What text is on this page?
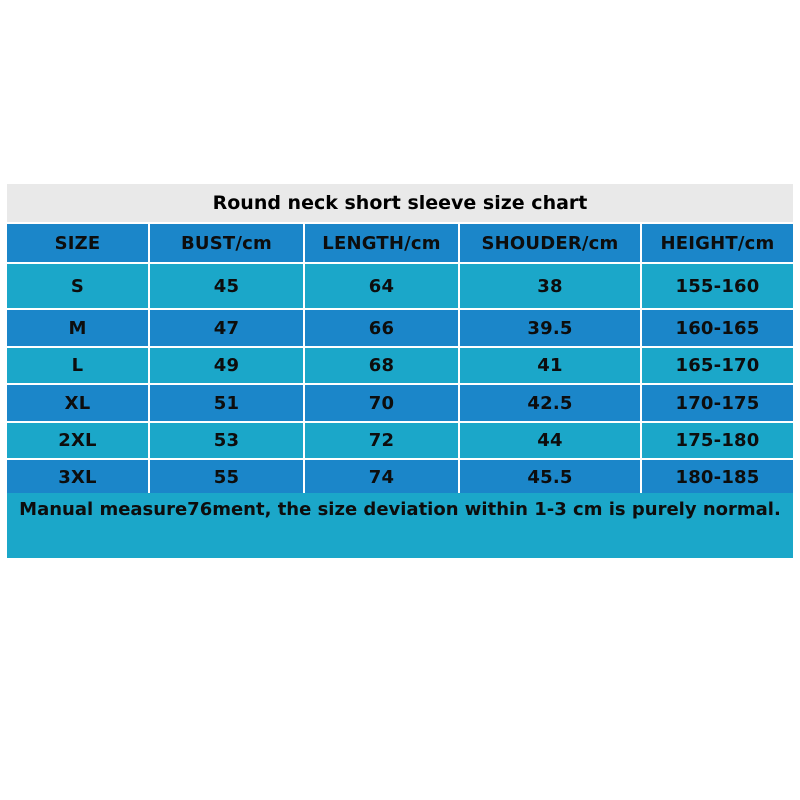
Round neck short sleeve size chart
SIZE	BUST/cm	LENGTH/cm	SHOUDER/cm	HEIGHT/cm
S	45	64	38	155-160
M	47	66	39.5	160-165
L	49	68	41	165-170
XL	51	70	42.5	170-175
2XL	53	72	44	175-180
3XL	55	74	45.5	180-185
Manual measure76ment, the size deviation within 1-3 cm is purely normal.
